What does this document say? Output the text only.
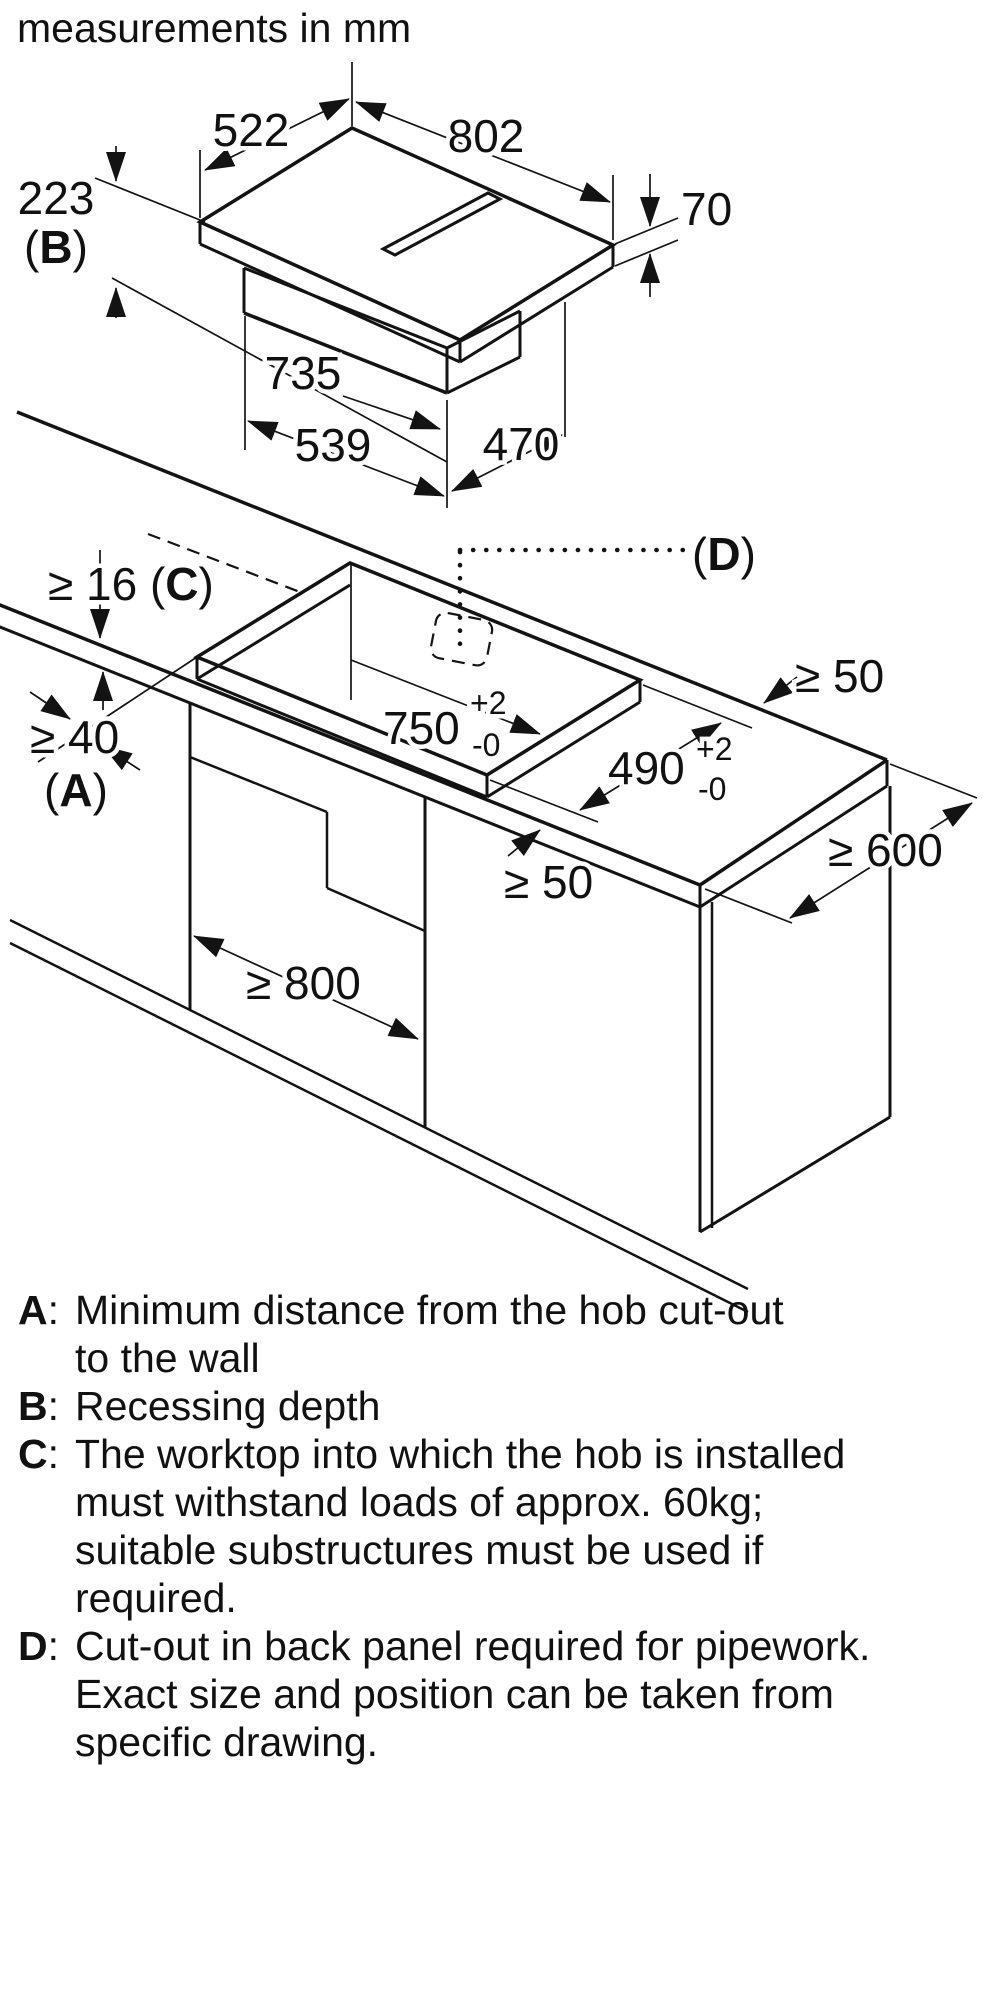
measurements in mm
522	802
70
223
(B)
735
539 470
(D)
≥ 16 (C)
≥ 40
(A)
750 +2
-0 490 +2
-0
≥ 50
≥ 600
≥ 50
≥ 800
A: Minimum distance from the hob cut-out
to the wall
B: Recessing depth
C: The worktop into which the hob is installed
must withstand loads of approx. 60kg;
suitable substructures must be used if
required.
D: Cut-out in back panel required for pipework.
Exact size and position can be taken from
specific drawing.
